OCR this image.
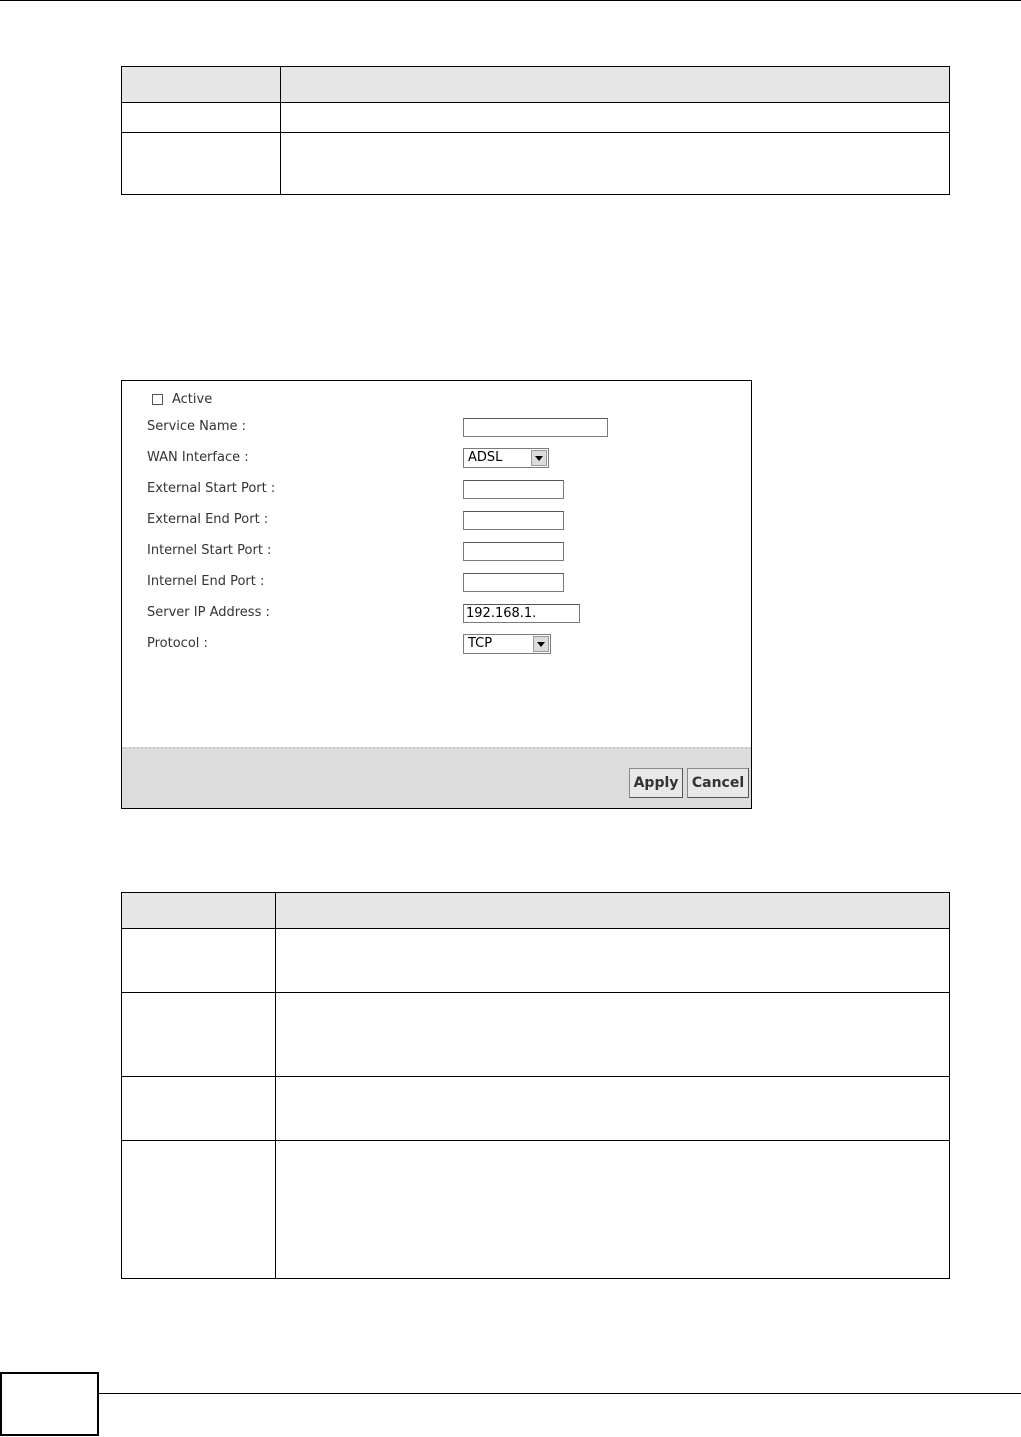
Active
Service Name :
WAN Interface :	ADSL
External Start Port :
External End Port :
Internel Start Port :
Internel End Port :
Server IP Address :	192.168.1.
Protocol :	TCP
Apply Cancel
